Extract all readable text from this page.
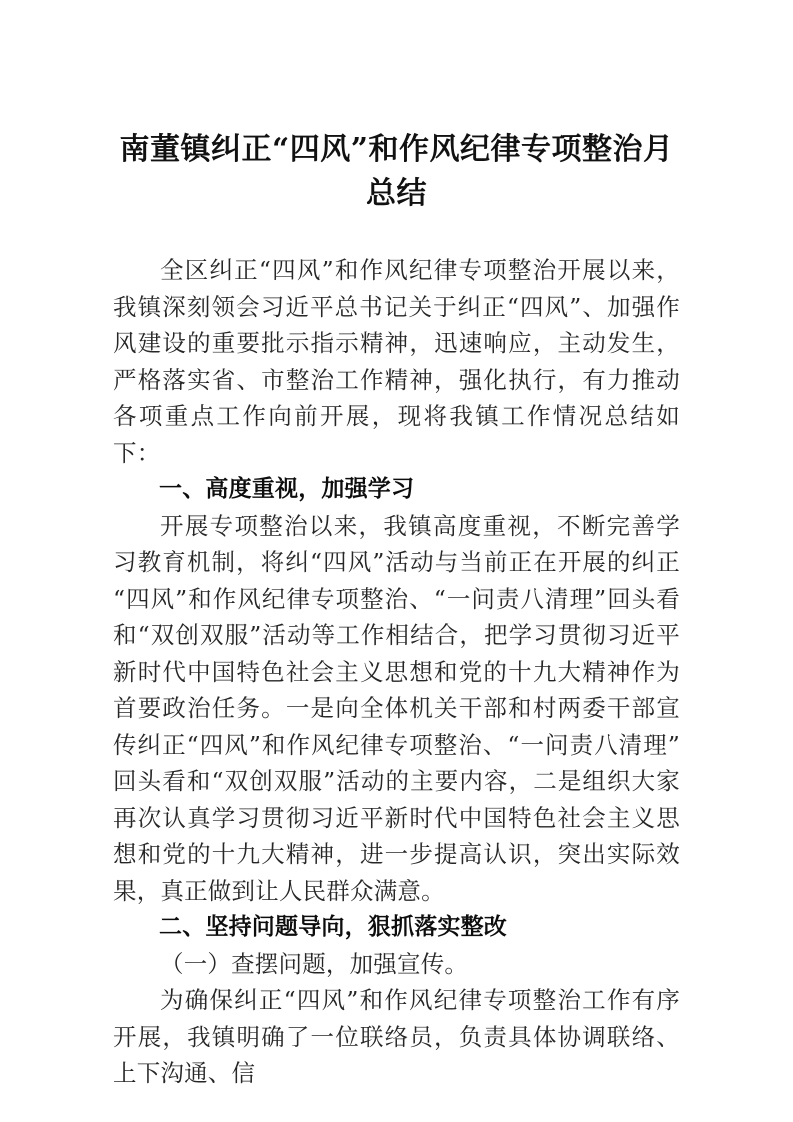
南董镇纠正“四风”和作风纪律专项整治月
总结

全区纠正“四风”和作风纪律专项整治开展以来，我镇深刻领会习近平总书记关于纠正“四风”、加强作风建设的重要批示指示精神，迅速响应，主动发生，严格落实省、市整治工作精神，强化执行，有力推动各项重点工作向前开展，现将我镇工作情况总结如下：

一、高度重视，加强学习

开展专项整治以来，我镇高度重视，不断完善学习教育机制，将纠“四风”活动与当前正在开展的纠正“四风”和作风纪律专项整治、“一问责八清理”回头看和“双创双服”活动等工作相结合，把学习贯彻习近平新时代中国特色社会主义思想和党的十九大精神作为首要政治任务。一是向全体机关干部和村两委干部宣传纠正“四风”和作风纪律专项整治、“一问责八清理”回头看和“双创双服”活动的主要内容，二是组织大家再次认真学习贯彻习近平新时代中国特色社会主义思想和党的十九大精神，进一步提高认识，突出实际效果，真正做到让人民群众满意。

二、坚持问题导向，狠抓落实整改

（一）查摆问题，加强宣传。

为确保纠正“四风”和作风纪律专项整治工作有序开展，我镇明确了一位联络员，负责具体协调联络、上下沟通、信
